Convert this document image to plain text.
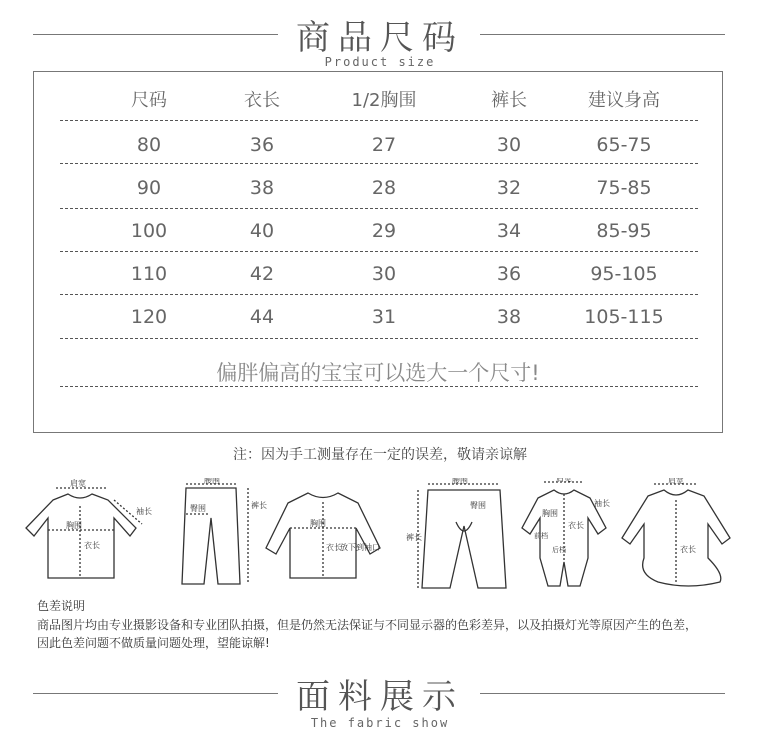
商品尺码
Product size
尺码	衣长	1/2胸围	裤长	建议身高
80	36	27	30	65-75
90	38	28	32	75-85
100	40	29	34	85-95
110	42	30	36	95-105
120	44	31	38	105-115
偏胖偏高的宝宝可以选大一个尺寸!
注：因为手工测量存在一定的误差，敬请亲谅解
肩宽
胸围
衣长
袖长
腰围
臀围	裤长
胸围
衣长
放下到袖口
腰围
臀围
裤长
肩宽
胸围
衣长
袖长
前档
后档
肩宽
衣长
色差说明
商品图片均由专业摄影设备和专业团队拍摄，但是仍然无法保证与不同显示器的色彩差异，以及拍摄灯光等原因产生的色差，因此色差问题不做质量问题处理，望能谅解!
面料展示
The fabric show
